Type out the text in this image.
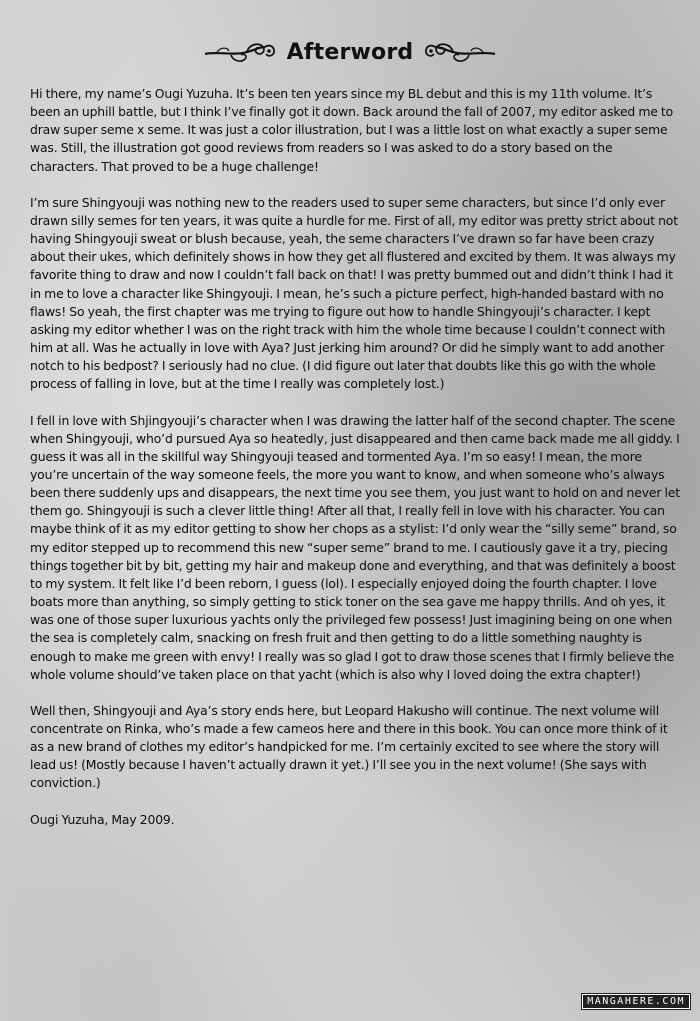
Afterword

Hi there, my name’s Ougi Yuzuha. It’s been ten years since my BL debut and this is my 11th volume. It’s been an uphill battle, but I think I’ve finally got it down. Back around the fall of 2007, my editor asked me to draw super seme x seme. It was just a color illustration, but I was a little lost on what exactly a super seme was. Still, the illustration got good reviews from readers so I was asked to do a story based on the characters. That proved to be a huge challenge!

I’m sure Shingyouji was nothing new to the readers used to super seme characters, but since I’d only ever drawn silly semes for ten years, it was quite a hurdle for me. First of all, my editor was pretty strict about not having Shingyouji sweat or blush because, yeah, the seme characters I’ve drawn so far have been crazy about their ukes, which definitely shows in how they get all flustered and excited by them. It was always my favorite thing to draw and now I couldn’t fall back on that! I was pretty bummed out and didn’t think I had it in me to love a character like Shingyouji. I mean, he’s such a picture perfect, high-handed bastard with no flaws! So yeah, the first chapter was me trying to figure out how to handle Shingyouji’s character. I kept asking my editor whether I was on the right track with him the whole time because I couldn’t connect with him at all. Was he actually in love with Aya? Just jerking him around? Or did he simply want to add another notch to his bedpost? I seriously had no clue. (I did figure out later that doubts like this go with the whole process of falling in love, but at the time I really was completely lost.)

I fell in love with Shjingyouji’s character when I was drawing the latter half of the second chapter. The scene when Shingyouji, who’d pursued Aya so heatedly, just disappeared and then came back made me all giddy. I guess it was all in the skillful way Shingyouji teased and tormented Aya. I’m so easy! I mean, the more you’re uncertain of the way someone feels, the more you want to know, and when someone who’s always been there suddenly ups and disappears, the next time you see them, you just want to hold on and never let them go. Shingyouji is such a clever little thing! After all that, I really fell in love with his character. You can maybe think of it as my editor getting to show her chops as a stylist: I’d only wear the “silly seme” brand, so my editor stepped up to recommend this new “super seme” brand to me. I cautiously gave it a try, piecing things together bit by bit, getting my hair and makeup done and everything, and that was definitely a boost to my system. It felt like I’d been reborn, I guess (lol). I especially enjoyed doing the fourth chapter. I love boats more than anything, so simply getting to stick toner on the sea gave me happy thrills. And oh yes, it was one of those super luxurious yachts only the privileged few possess! Just imagining being on one when the sea is completely calm, snacking on fresh fruit and then getting to do a little something naughty is enough to make me green with envy! I really was so glad I got to draw those scenes that I firmly believe the whole volume should’ve taken place on that yacht (which is also why I loved doing the extra chapter!)

Well then, Shingyouji and Aya’s story ends here, but Leopard Hakusho will continue. The next volume will concentrate on Rinka, who’s made a few cameos here and there in this book. You can once more think of it as a new brand of clothes my editor’s handpicked for me. I’m certainly excited to see where the story will lead us! (Mostly because I haven’t actually drawn it yet.) I’ll see you in the next volume! (She says with conviction.)

Ougi Yuzuha, May 2009.

MANGAHERE.COM
